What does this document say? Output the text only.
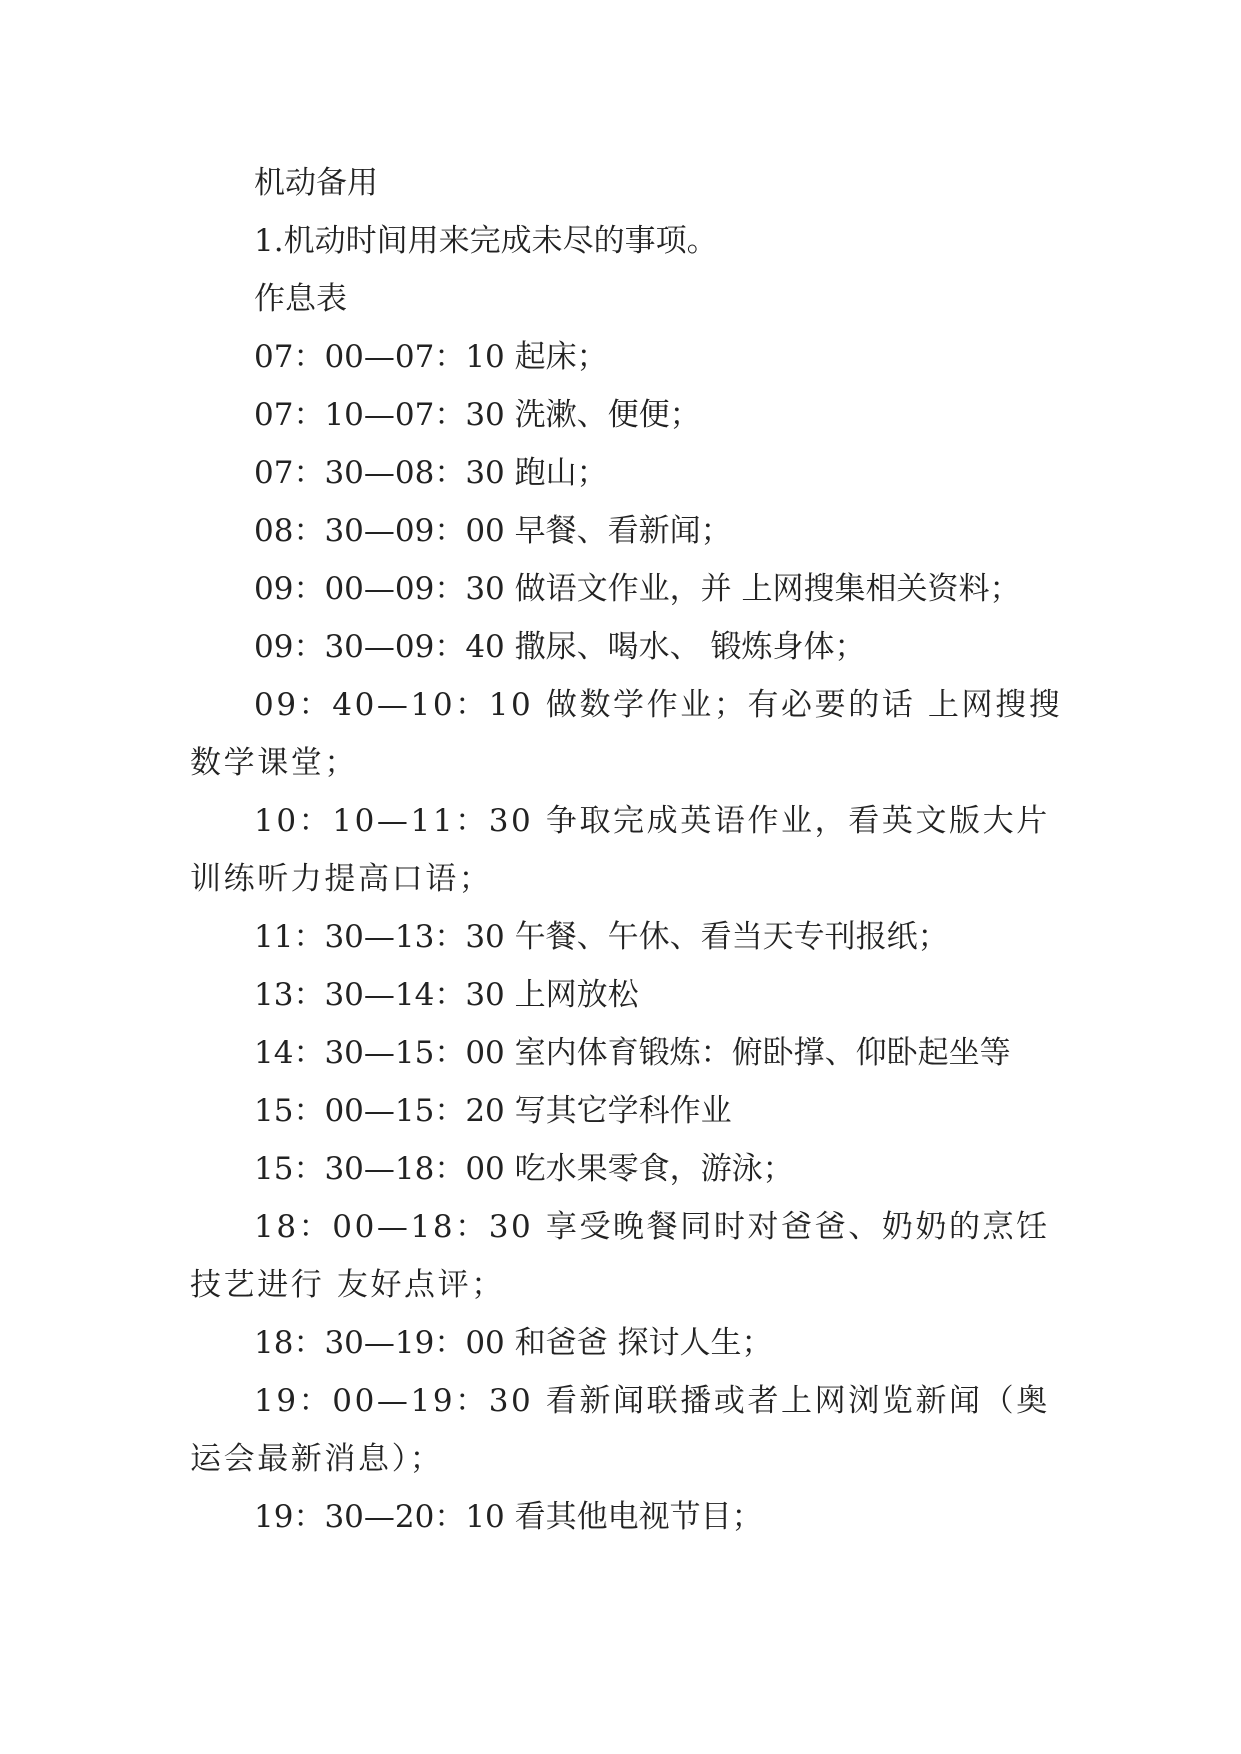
机动备用

1.机动时间用来完成未尽的事项。

作息表

07：00—07：10 起床；

07：10—07：30 洗漱、便便；

07：30—08：30 跑山；

08：30—09：00 早餐、看新闻；

09：00—09：30 做语文作业，并 上网搜集相关资料；

09：30—09：40 撒尿、喝水、 锻炼身体；

09：40—10：10 做数学作业；有必要的话 上网搜搜数学课堂；

10：10—11：30 争取完成英语作业，看英文版大片训练听力提高口语；

11：30—13：30 午餐、午休、看当天专刊报纸；

13：30—14：30 上网放松

14：30—15：00 室内体育锻炼：俯卧撑、仰卧起坐等

15：00—15：20 写其它学科作业

15：30—18：00 吃水果零食，游泳；

18：00—18：30 享受晚餐同时对爸爸、奶奶的烹饪技艺进行 友好点评；

18：30—19：00 和爸爸 探讨人生；

19：00—19：30 看新闻联播或者上网浏览新闻（奥运会最新消息）；

19：30—20：10 看其他电视节目；
